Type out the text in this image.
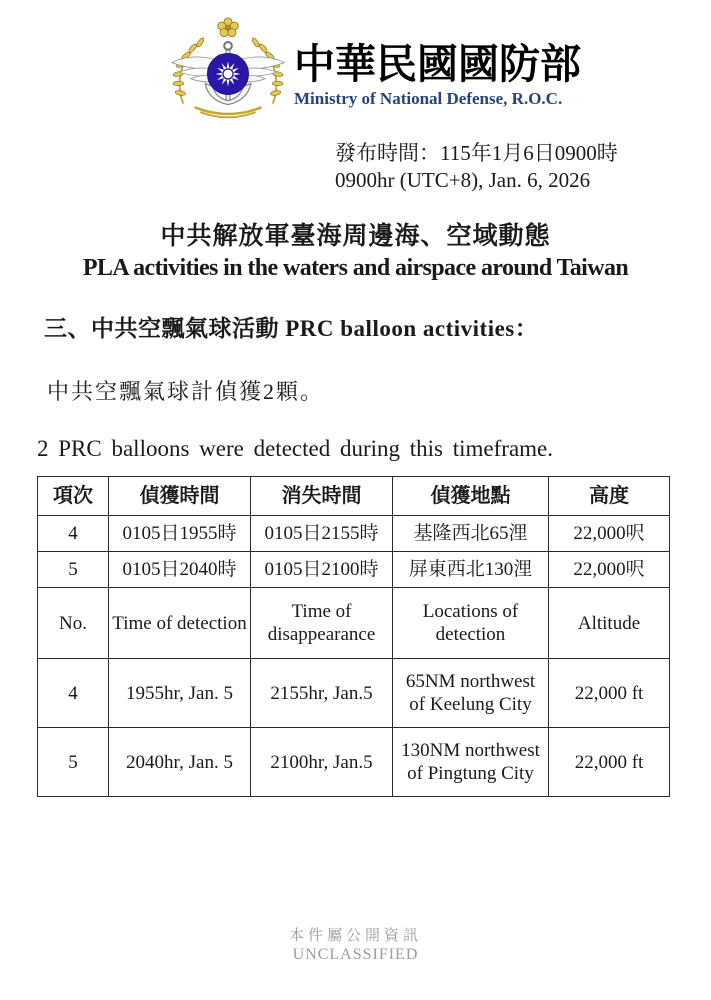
中華民國國防部
Ministry of National Defense, R.O.C.
發布時間：115年1月6日0900時
0900hr (UTC+8), Jan. 6, 2026
中共解放軍臺海周邊海、空域動態
PLA activities in the waters and airspace around Taiwan
三、中共空飄氣球活動 PRC balloon activities：
中共空飄氣球計偵獲2顆。
2 PRC balloons were detected during this timeframe.
項次	偵獲時間	消失時間	偵獲地點	高度
4	0105日1955時	0105日2155時	基隆西北65浬	22,000呎
5	0105日2040時	0105日2100時	屏東西北130浬	22,000呎
No.	Time of detection	Time of disappearance	Locations of detection	Altitude
4	1955hr, Jan. 5	2155hr, Jan.5	65NM northwest of Keelung City	22,000 ft
5	2040hr, Jan. 5	2100hr, Jan.5	130NM northwest of Pingtung City	22,000 ft
本件屬公開資訊
UNCLASSIFIED
